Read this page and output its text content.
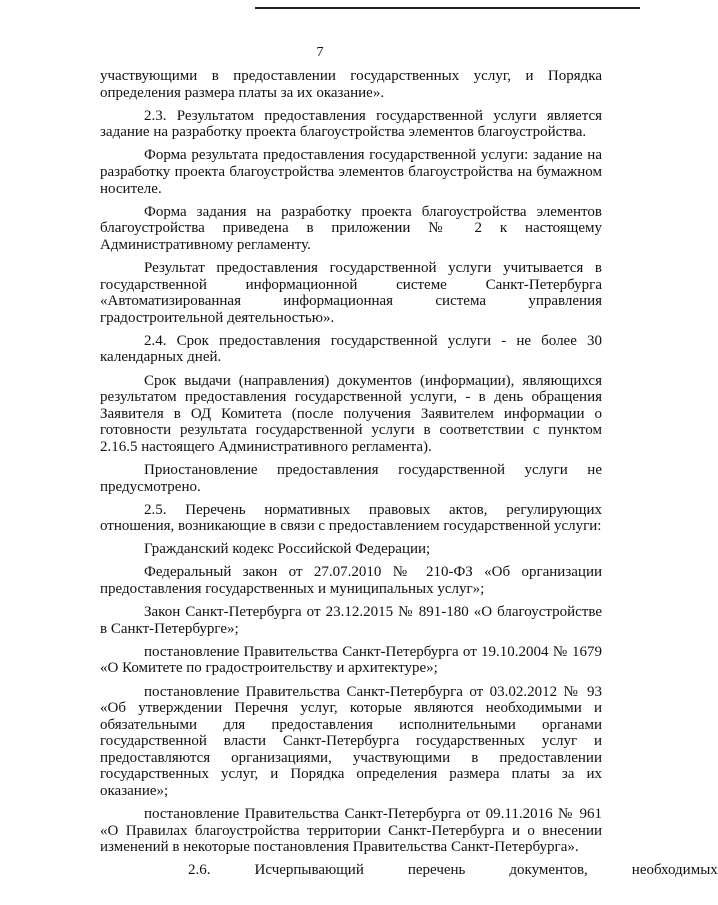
7

участвующими в предоставлении государственных услуг, и Порядка определения размера платы за их оказание».

2.3. Результатом предоставления государственной услуги является задание на разработку проекта благоустройства элементов благоустройства.

Форма результата предоставления государственной услуги: задание на разработку проекта благоустройства элементов благоустройства на бумажном носителе.

Форма задания на разработку проекта благоустройства элементов благоустройства приведена в приложении № 2 к настоящему Административному регламенту.

Результат предоставления государственной услуги учитывается в государственной информационной системе Санкт-Петербурга «Автоматизированная информационная система управления градостроительной деятельностью».

2.4. Срок предоставления государственной услуги - не более 30 календарных дней.

Срок выдачи (направления) документов (информации), являющихся результатом предоставления государственной услуги, - в день обращения Заявителя в ОД Комитета (после получения Заявителем информации о готовности результата государственной услуги в соответствии с пунктом 2.16.5 настоящего Административного регламента).

Приостановление предоставления государственной услуги не предусмотрено.

2.5. Перечень нормативных правовых актов, регулирующих отношения, возникающие в связи с предоставлением государственной услуги:

Гражданский кодекс Российской Федерации;

Федеральный закон от 27.07.2010 № 210-ФЗ «Об организации предоставления государственных и муниципальных услуг»;

Закон Санкт-Петербурга от 23.12.2015 № 891-180 «О благоустройстве в Санкт-Петербурге»;

постановление Правительства Санкт-Петербурга от 19.10.2004 № 1679 «О Комитете по градостроительству и архитектуре»;

постановление Правительства Санкт-Петербурга от 03.02.2012 № 93 «Об утверждении Перечня услуг, которые являются необходимыми и обязательными для предоставления исполнительными органами государственной власти Санкт-Петербурга государственных услуг и предоставляются организациями, участвующими в предоставлении государственных услуг, и Порядка определения размера платы за их оказание»;

постановление Правительства Санкт-Петербурга от 09.11.2016 № 961 «О Правилах благоустройства территории Санкт-Петербурга и о внесении изменений в некоторые постановления Правительства Санкт-Петербурга».

2.6.	Исчерпывающий	перечень	документов,	необходимых
